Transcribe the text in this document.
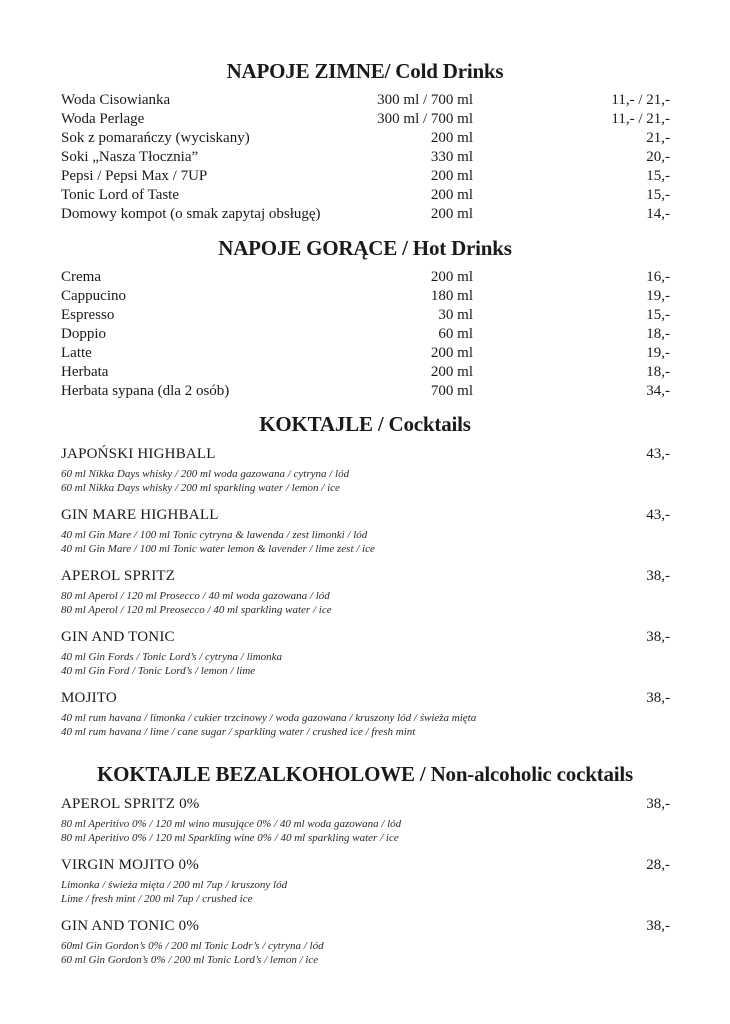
NAPOJE ZIMNE/ Cold Drinks
Woda Cisowianka	300 ml / 700 ml	11,- / 21,-
Woda Perlage	300 ml / 700 ml	11,- / 21,-
Sok z pomarańczy (wyciskany)	200 ml	21,-
Soki „Nasza Tłocznia”	330 ml	20,-
Pepsi / Pepsi Max / 7UP	200 ml	15,-
Tonic Lord of Taste	200 ml	15,-
Domowy kompot (o smak zapytaj obsługę)	200 ml	14,-
NAPOJE GORĄCE / Hot Drinks
Crema	200 ml	16,-
Cappucino	180 ml	19,-
Espresso	30 ml	15,-
Doppio	60 ml	18,-
Latte	200 ml	19,-
Herbata	200 ml	18,-
Herbata sypana (dla 2 osób)	700 ml	34,-
KOKTAJLE / Cocktails
JAPOŃSKI HIGHBALL	43,-
60 ml Nikka Days whisky / 200 ml woda gazowana / cytryna / lód
60 ml Nikka Days whisky / 200 ml sparkling water / lemon / ice
GIN MARE HIGHBALL	43,-
40 ml Gin Mare / 100 ml Tonic cytryna & lawenda / zest limonki / lód
40 ml Gin Mare / 100 ml Tonic water lemon & lavender / lime zest / ice
APEROL SPRITZ	38,-
80 ml Aperol / 120 ml Prosecco / 40 ml woda gazowana / lód
80 ml Aperol / 120 ml Preosecco / 40 ml sparkling water / ice
GIN AND TONIC	38,-
40 ml Gin Fords / Tonic Lord’s / cytryna / limonka
40 ml Gin Ford / Tonic Lord’s / lemon / lime
MOJITO	38,-
40 ml rum havana / limonka / cukier trzcinowy / woda gazowana / kruszony lód / świeża mięta
40 ml rum havana / lime / cane sugar / sparkling water / crushed ice / fresh mint
KOKTAJLE BEZALKOHOLOWE / Non-alcoholic cocktails
APEROL SPRITZ 0%	38,-
80 ml Aperitivo 0% / 120 ml wino musujące 0% / 40 ml woda gazowana / lód
80 ml Aperitivo 0% / 120 ml Sparkling wine 0% / 40 ml sparkling water / ice
VIRGIN MOJITO 0%	28,-
Limonka / świeża mięta / 200 ml 7up / kruszony lód
Lime / fresh mint / 200 ml 7up / crushed ice
GIN AND TONIC 0%	38,-
60ml Gin Gordon’s 0% / 200 ml Tonic Lodr’s / cytryna / lód
60 ml Gin Gordon’s 0% / 200 ml Tonic Lord’s / lemon / ice
